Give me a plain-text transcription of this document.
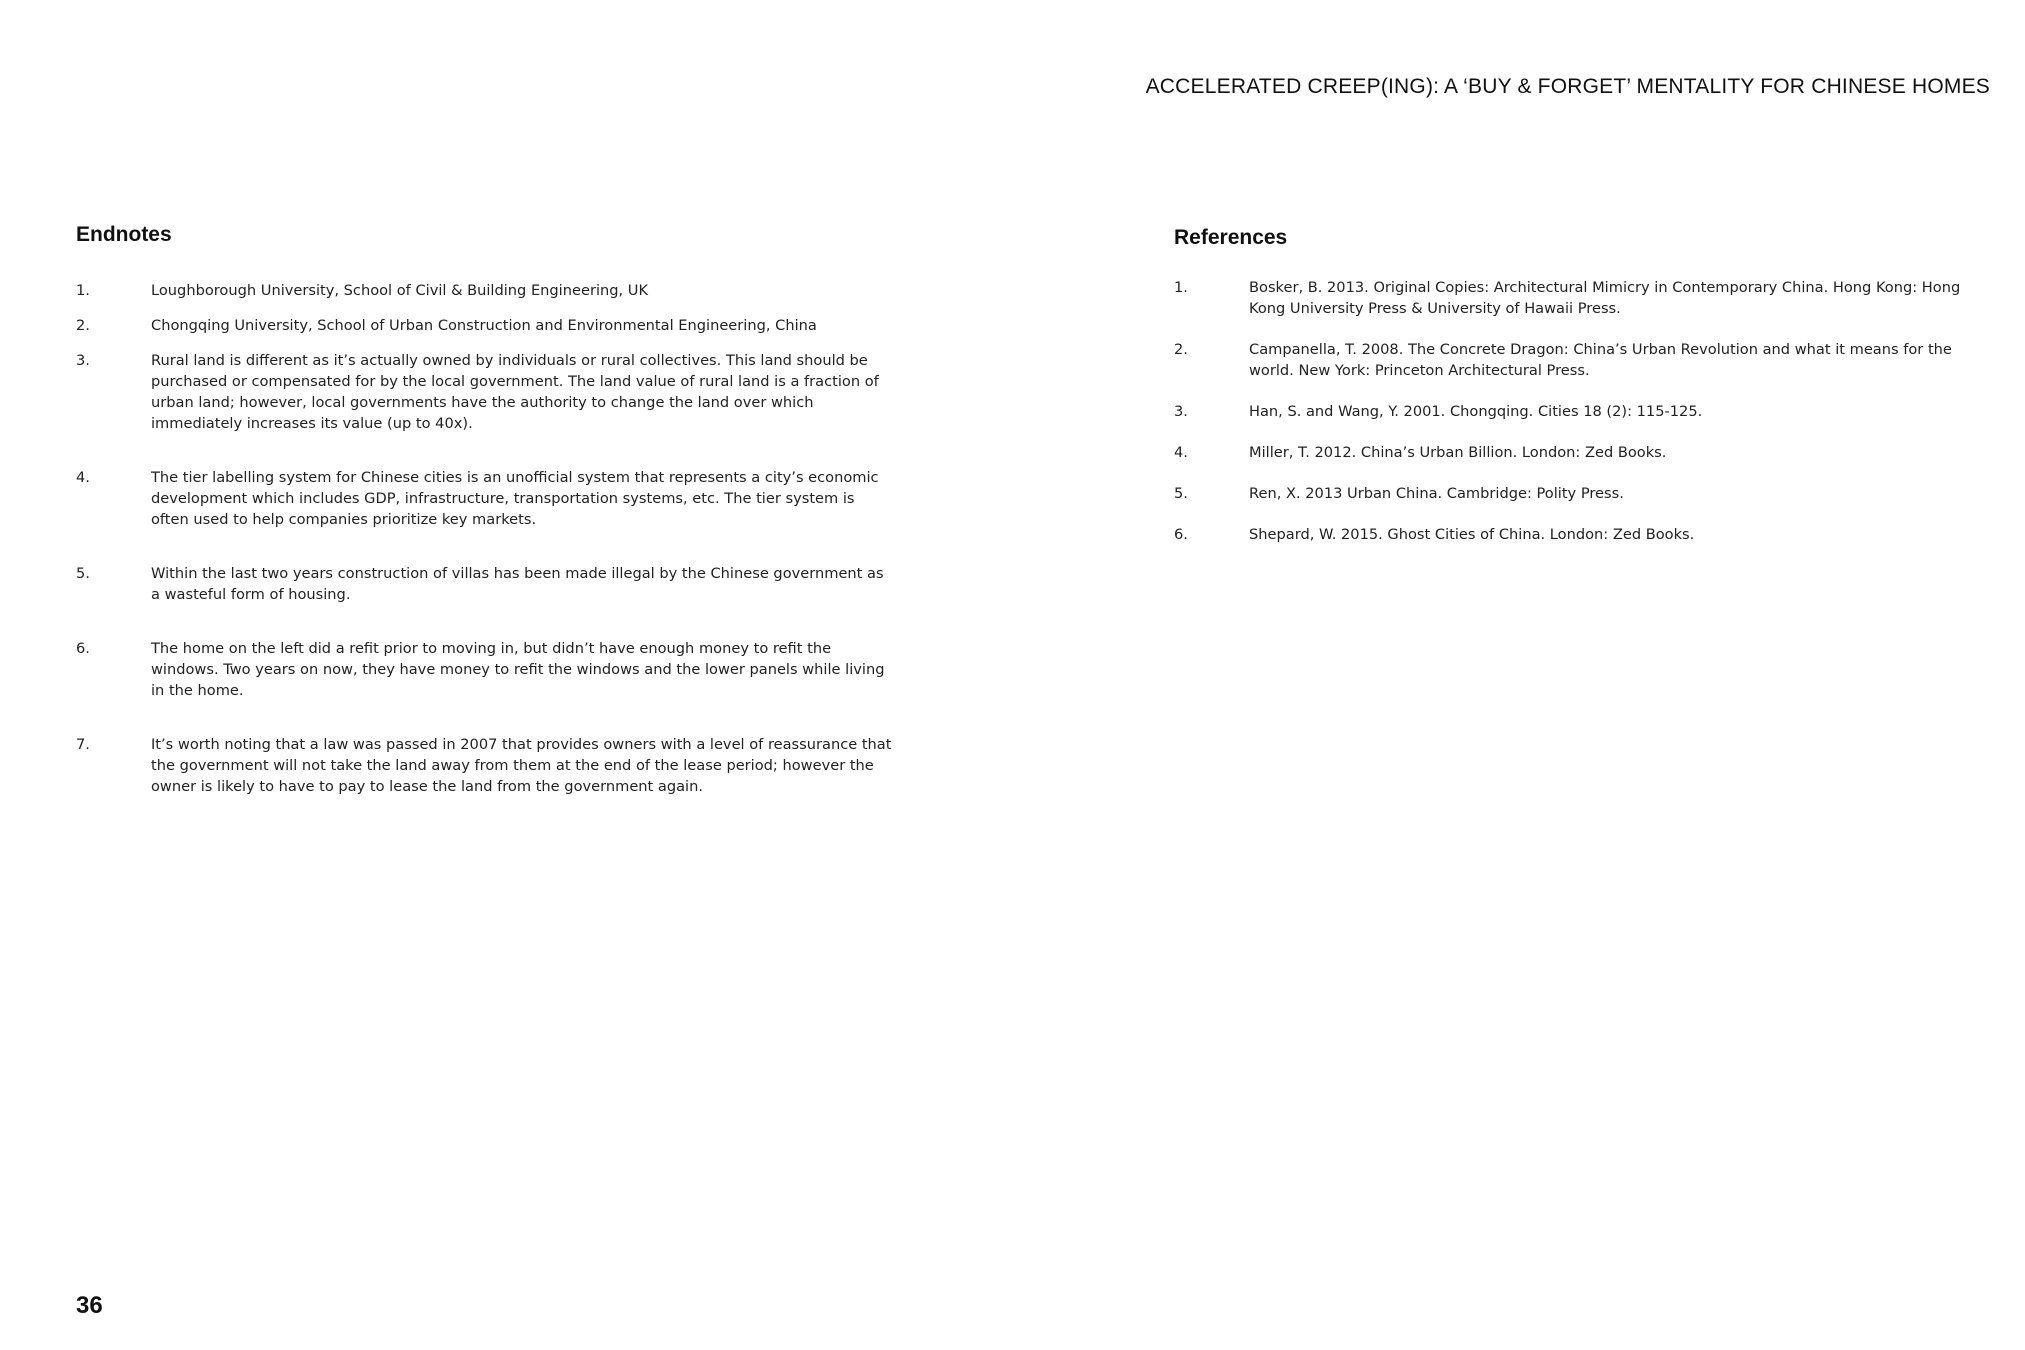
ACCELERATED CREEP(ING): A ‘BUY & FORGET’ MENTALITY FOR CHINESE HOMES
Endnotes
1.	Loughborough University, School of Civil & Building Engineering, UK
2.	Chongqing University, School of Urban Construction and Environmental Engineering, China
3.	Rural land is different as it’s actually owned by individuals or rural collectives. This land should be purchased or compensated for by the local government. The land value of rural land is a fraction of urban land; however, local governments have the authority to change the land over which immediately increases its value (up to 40x).
4.	The tier labelling system for Chinese cities is an unofficial system that represents a city’s economic development which includes GDP, infrastructure, transportation systems, etc. The tier system is often used to help companies prioritize key markets.
5.	Within the last two years construction of villas has been made illegal by the Chinese government as a wasteful form of housing.
6.	The home on the left did a refit prior to moving in, but didn’t have enough money to refit the windows. Two years on now, they have money to refit the windows and the lower panels while living in the home.
7.	It’s worth noting that a law was passed in 2007 that provides owners with a level of reassurance that the government will not take the land away from them at the end of the lease period; however the owner is likely to have to pay to lease the land from the government again.
References
1.	Bosker, B. 2013. Original Copies: Architectural Mimicry in Contemporary China. Hong Kong: Hong Kong University Press & University of Hawaii Press.
2.	Campanella, T. 2008. The Concrete Dragon: China’s Urban Revolution and what it means for the world. New York: Princeton Architectural Press.
3.	Han, S. and Wang, Y. 2001. Chongqing. Cities 18 (2): 115-125.
4.	Miller, T. 2012. China’s Urban Billion. London: Zed Books.
5.	Ren, X. 2013 Urban China. Cambridge: Polity Press.
6.	Shepard, W. 2015. Ghost Cities of China. London: Zed Books.
36
